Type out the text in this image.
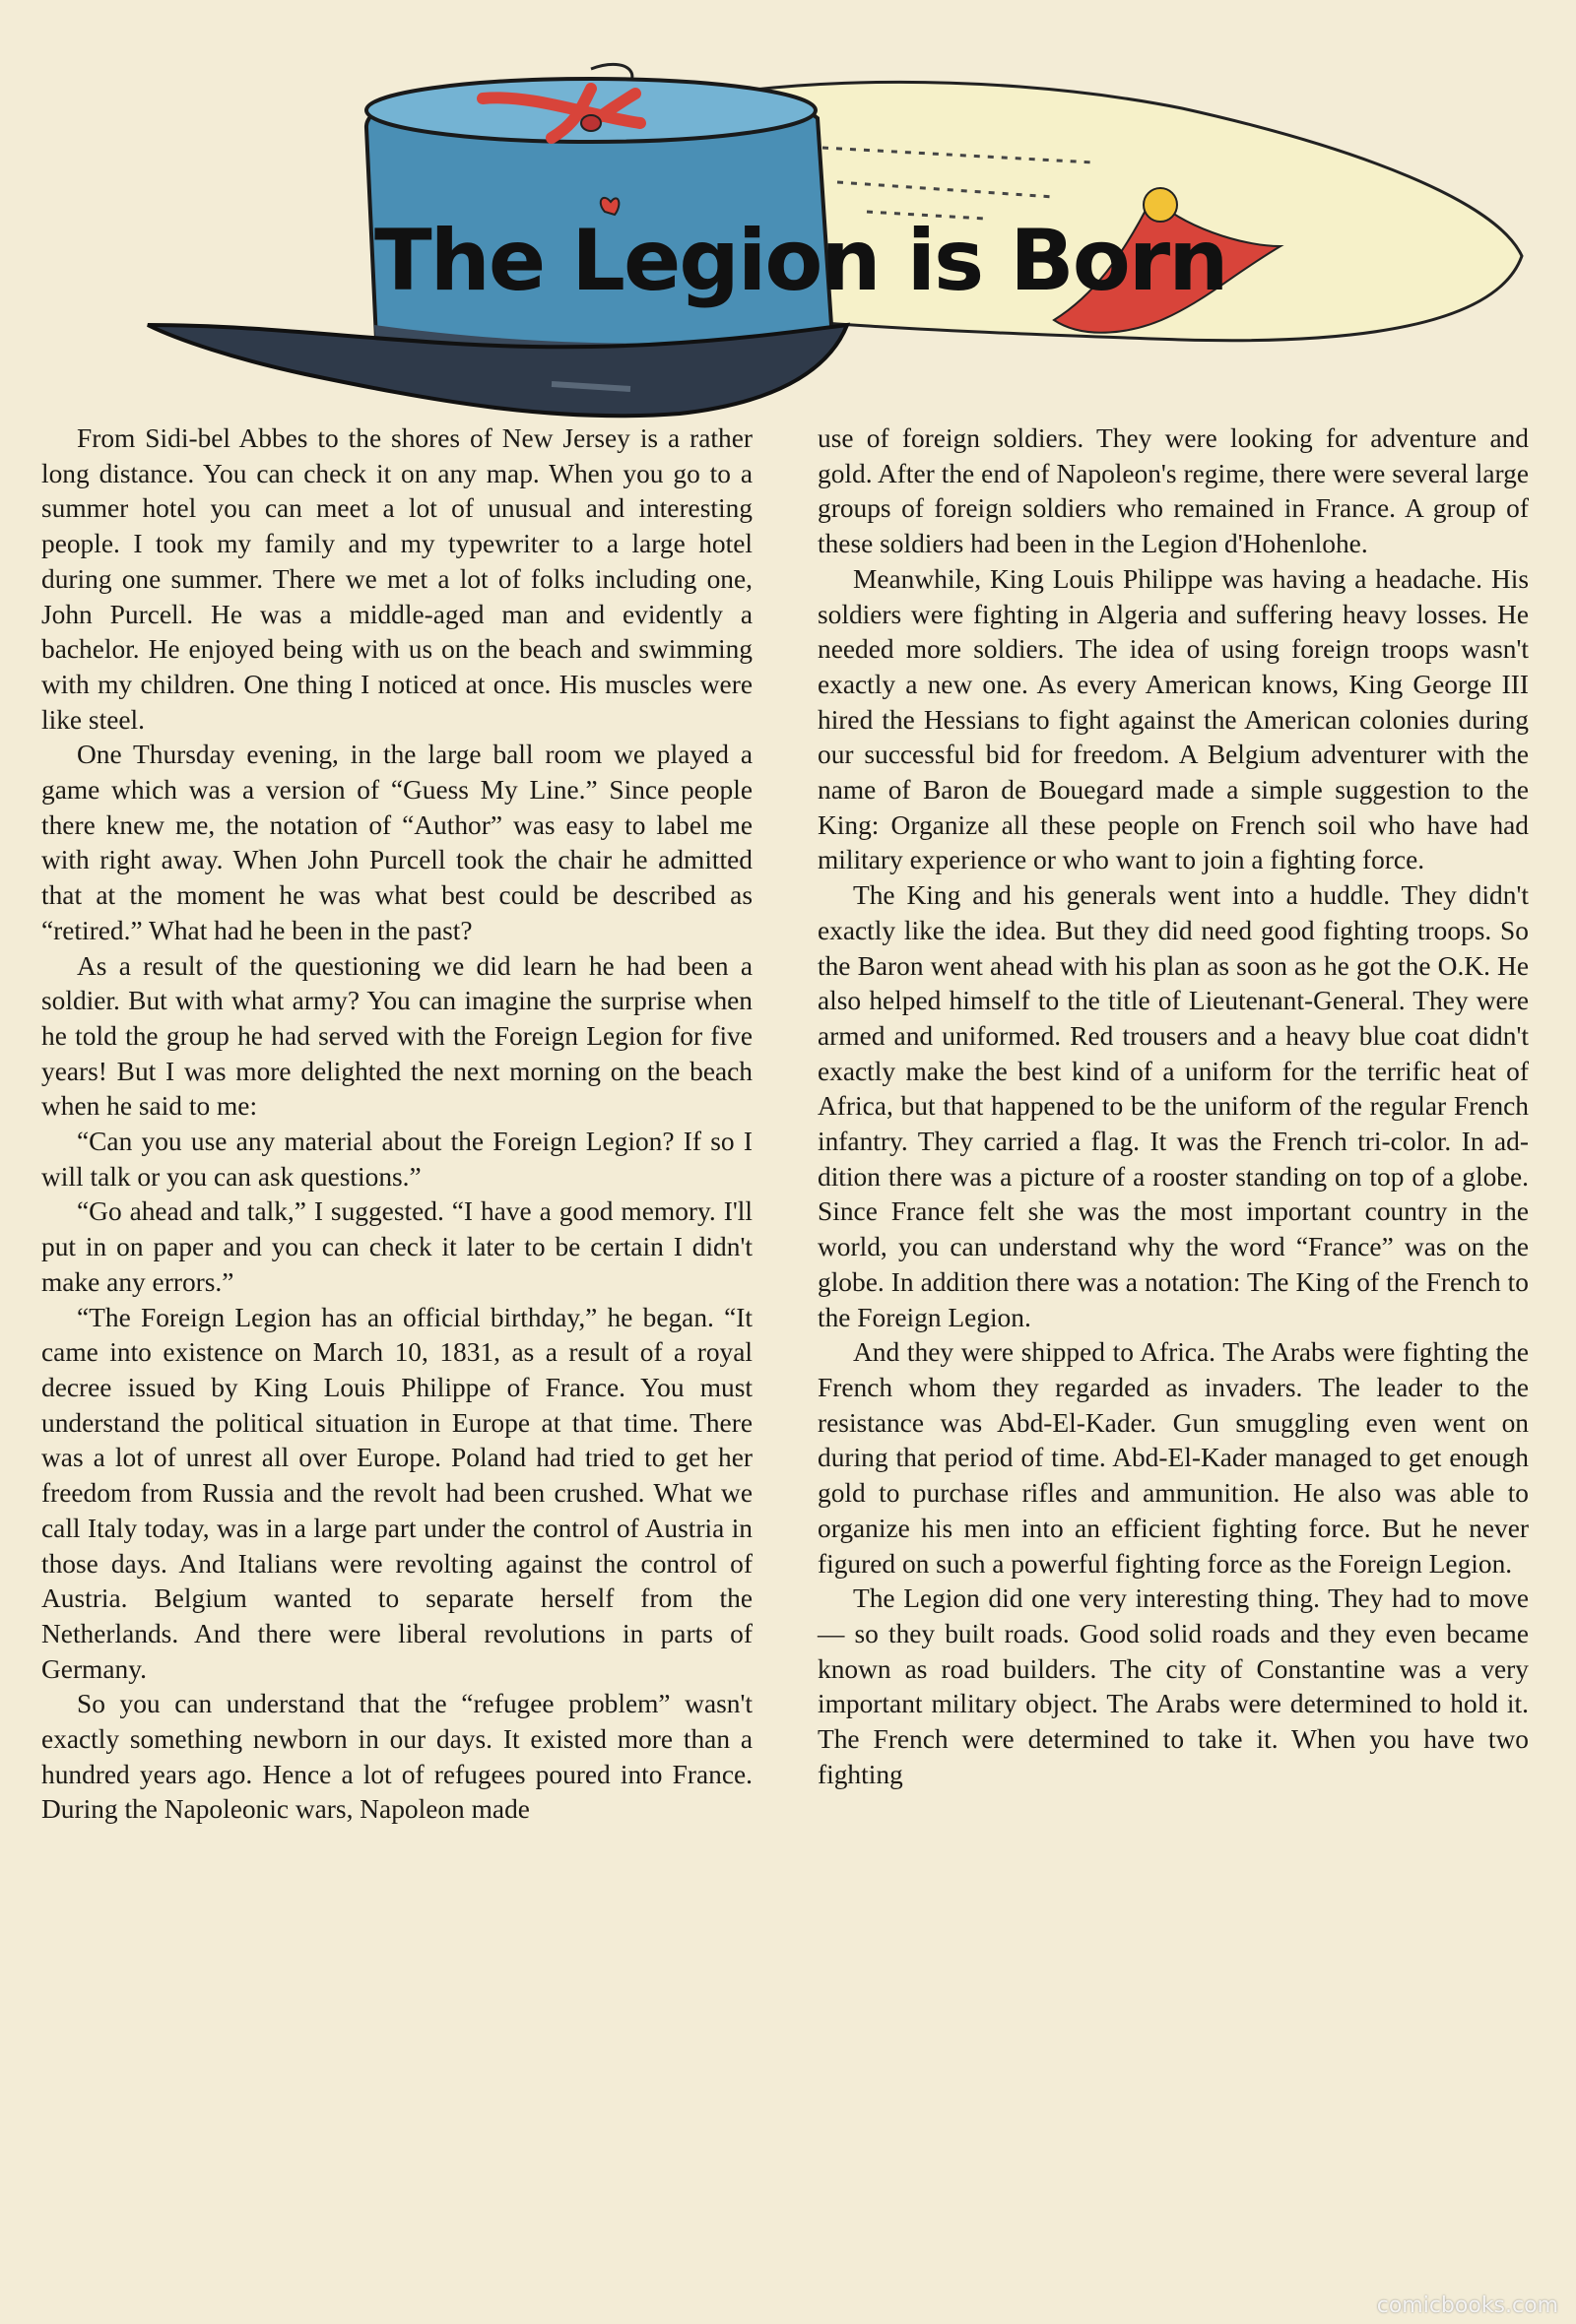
The Legion is Born

From Sidi-bel Abbes to the shores of New Jersey is a rather long distance. You can check it on any map. When you go to a summer hotel you can meet a lot of unusual and interesting people. I took my family and my typewriter to a large hotel during one summer. There we met a lot of folks including one, John Purcell. He was a middle-aged man and evidently a bachelor. He enjoyed being with us on the beach and swimming with my children. One thing I noticed at once. His muscles were like steel.

One Thursday evening, in the large ball room we played a game which was a version of “Guess My Line.” Since people there knew me, the notation of “Author” was easy to label me with right away. When John Purcell took the chair he admitted that at the moment he was what best could be described as “retired.” What had he been in the past?

As a result of the questioning we did learn he had been a soldier. But with what army? You can imagine the surprise when he told the group he had served with the Foreign Legion for five years! But I was more delighted the next morning on the beach when he said to me:

“Can you use any material about the Foreign Legion? If so I will talk or you can ask questions.”

“Go ahead and talk,” I suggested. “I have a good memory. I'll put in on paper and you can check it later to be certain I didn't make any errors.”

“The Foreign Legion has an official birthday,” he began. “It came into existence on March 10, 1831, as a result of a royal decree issued by King Louis Philippe of France. You must understand the political situation in Europe at that time. There was a lot of unrest all over Europe. Poland had tried to get her freedom from Russia and the revolt had been crushed. What we call Italy today, was in a large part under the control of Austria in those days. And Italians were revolting against the control of Austria. Belgium wanted to separate herself from the Netherlands. And there were liberal revolutions in parts of Germany.

So you can understand that the “refugee problem” wasn't exactly something newborn in our days. It existed more than a hundred years ago. Hence a lot of refugees poured into France. During the Napoleonic wars, Napoleon made

use of foreign soldiers. They were looking for adventure and gold. After the end of Napoleon's regime, there were several large groups of foreign soldiers who remained in France. A group of these soldiers had been in the Legion d'Hohenlohe.

Meanwhile, King Louis Philippe was having a headache. His soldiers were fighting in Algeria and suffering heavy losses. He needed more soldiers. The idea of using foreign troops wasn't exactly a new one. As every American knows, King George III hired the Hessians to fight against the American colonies during our successful bid for freedom. A Belgium adventurer with the name of Baron de Bouegard made a simple suggestion to the King: Organize all these people on French soil who have had military experience or who want to join a fighting force.

The King and his generals went into a huddle. They didn't exactly like the idea. But they did need good fighting troops. So the Baron went ahead with his plan as soon as he got the O.K. He also helped himself to the title of Lieutenant-General. They were armed and uniformed. Red trousers and a heavy blue coat didn't exactly make the best kind of a uniform for the terrific heat of Africa, but that happened to be the uniform of the regular French infantry. They carried a flag. It was the French tri-color. In addition there was a picture of a rooster standing on top of a globe. Since France felt she was the most important country in the world, you can understand why the word “France” was on the globe. In addition there was a notation: The King of the French to the Foreign Legion.

And they were shipped to Africa. The Arabs were fighting the French whom they regarded as invaders. The leader to the resistance was Abd-El-Kader. Gun smuggling even went on during that period of time. Abd-El-Kader managed to get enough gold to purchase rifles and ammunition. He also was able to organize his men into an efficient fighting force. But he never figured on such a powerful fighting force as the Foreign Legion.

The Legion did one very interesting thing. They had to move — so they built roads. Good solid roads and they even became known as road builders. The city of Constantine was a very important military object. The Arabs were determined to hold it. The French were determined to take it. When you have two fighting

comicbooks.com
